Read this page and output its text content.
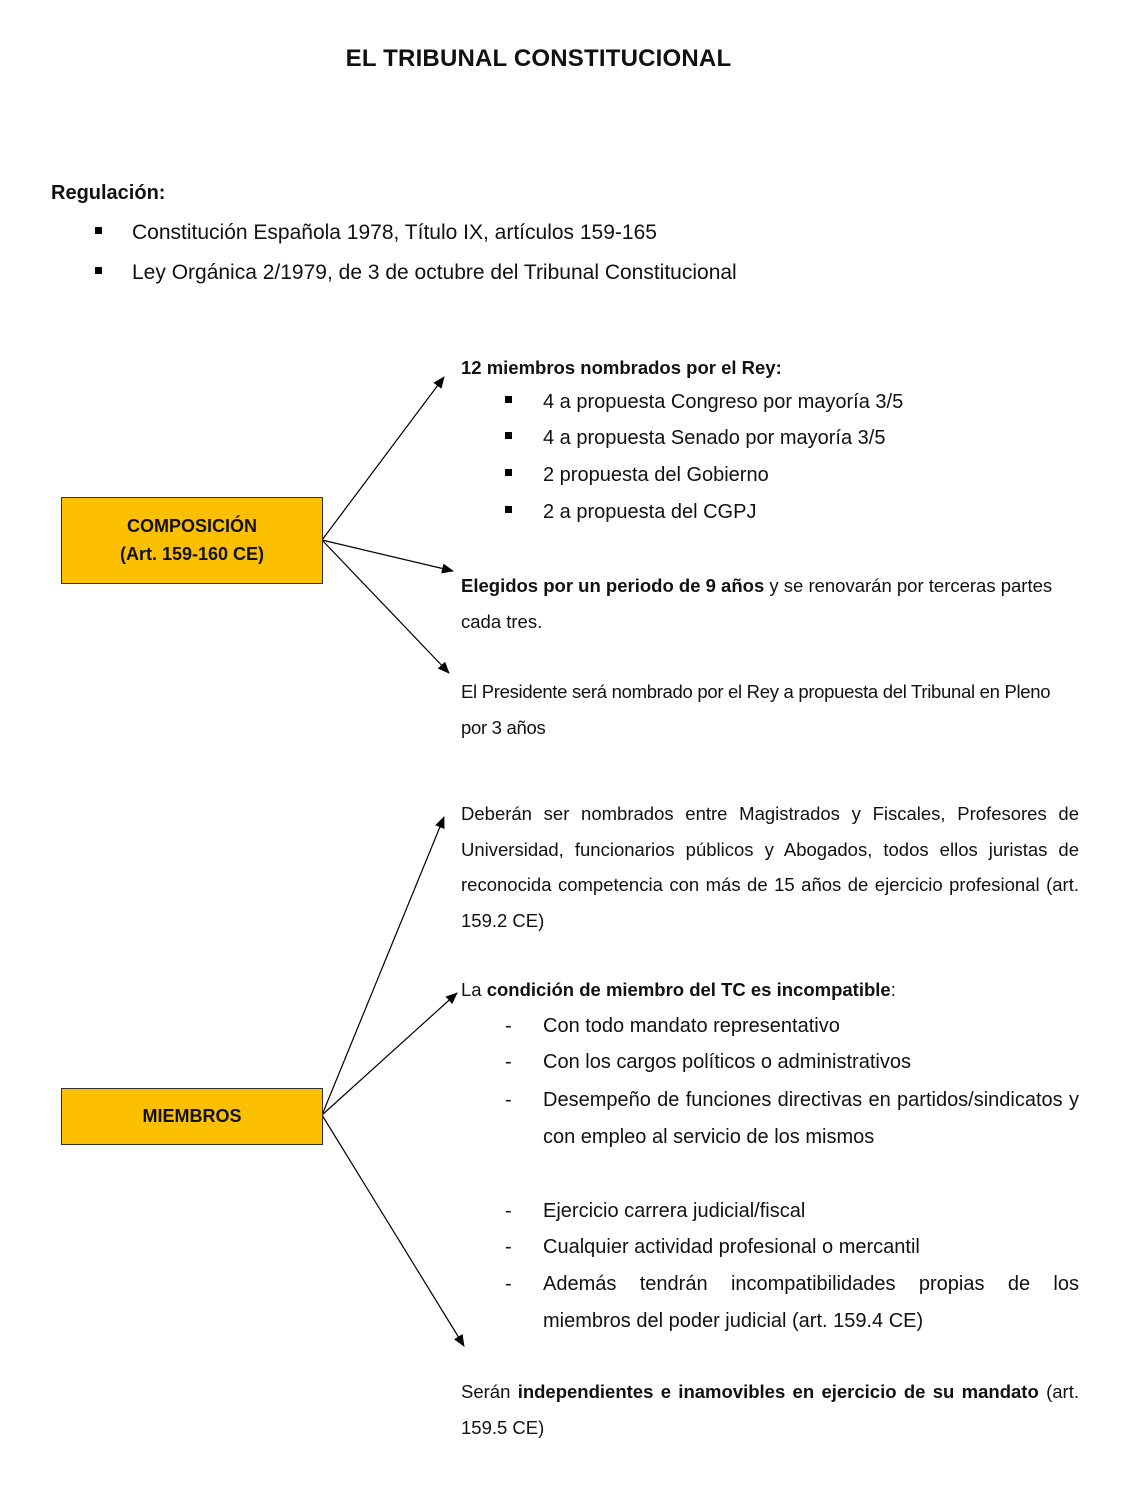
EL TRIBUNAL CONSTITUCIONAL
Regulación:
Constitución Española 1978, Título IX, artículos 159-165
Ley Orgánica 2/1979, de 3 de octubre del Tribunal Constitucional
COMPOSICIÓN
(Art. 159-160 CE)
12 miembros nombrados por el Rey:
4 a propuesta Congreso por mayoría 3/5
4 a propuesta Senado por mayoría 3/5
2 propuesta del Gobierno
2 a propuesta del CGPJ
Elegidos por un periodo de 9 años y se renovarán por terceras partes cada tres.
El Presidente será nombrado por el Rey a propuesta del Tribunal en Pleno por 3 años
MIEMBROS
Deberán ser nombrados entre Magistrados y Fiscales, Profesores de Universidad, funcionarios públicos y Abogados, todos ellos juristas de reconocida competencia con más de 15 años de ejercicio profesional (art. 159.2 CE)
La condición de miembro del TC es incompatible:
- Con todo mandato representativo
- Con los cargos políticos o administrativos
- Desempeño de funciones directivas en partidos/sindicatos y con empleo al servicio de los mismos
- Ejercicio carrera judicial/fiscal
- Cualquier actividad profesional o mercantil
- Además tendrán incompatibilidades propias de los miembros del poder judicial (art. 159.4 CE)
Serán independientes e inamovibles en ejercicio de su mandato (art. 159.5 CE)
